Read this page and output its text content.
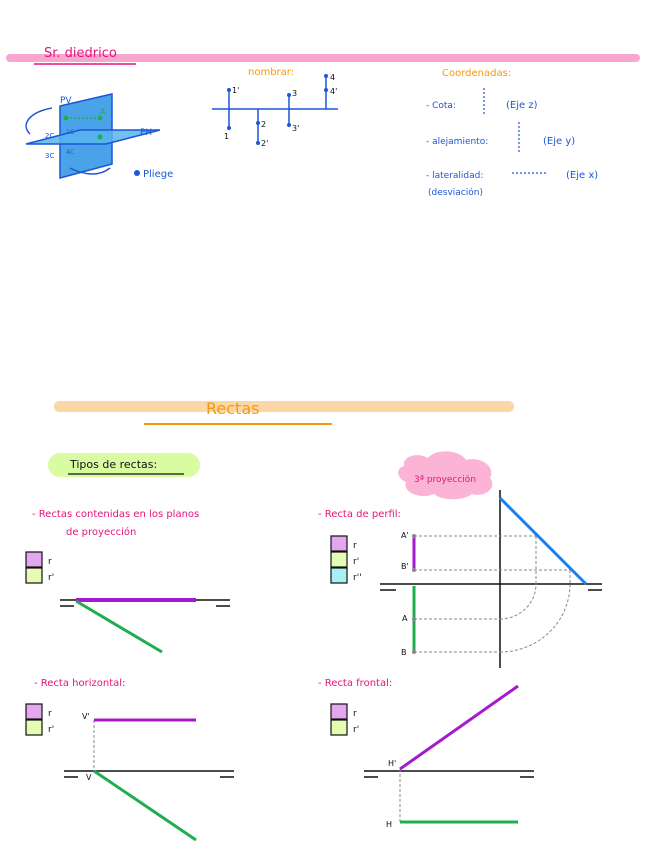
Sr. diedrico
PV
PH
A
2C 1C
3C 4C
Pliege
nombrar:
1'
1
2
2'
3
3'
4
4'
Coordenadas:
- Cota:	(Eje z)
- alejamiento:	(Eje y)
- lateralidad:	(Eje x)
(desviación)
Rectas
Tipos de rectas:
3ª proyección
- Rectas contenidas en los planos
de proyección
r
r'
- Recta de perfil:
r
r'
r''
A'
B'
A
B
- Recta horizontal:
r
r'
V'
V
- Recta frontal:
r
r'
H'
H
